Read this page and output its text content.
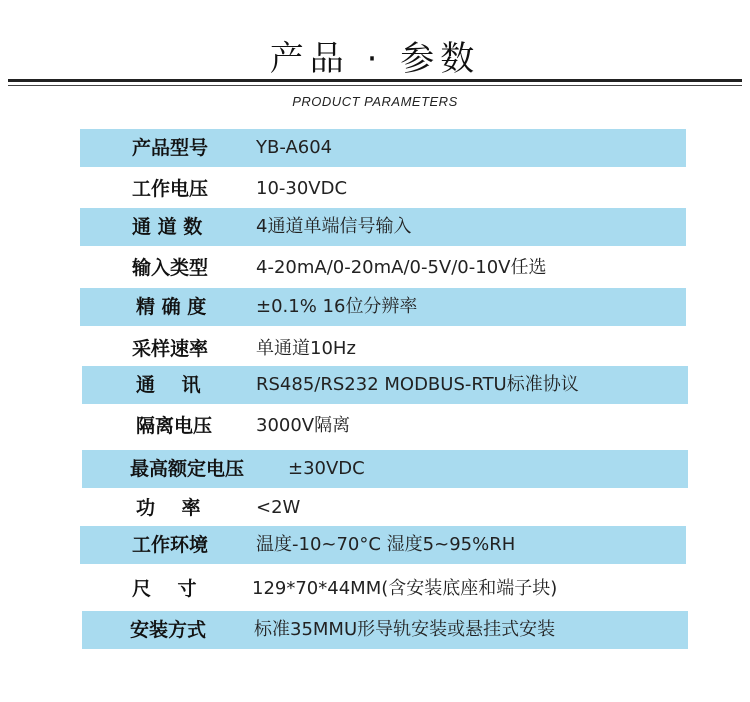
产品 · 参数
PRODUCT PARAMETERS
产品型号	YB-A604
工作电压	10-30VDC
通 道 数	4通道单端信号输入
输入类型	4-20mA/0-20mA/0-5V/0-10V任选
精 确 度	±0.1% 16位分辨率
采样速率	单通道10Hz
通    讯	RS485/RS232 MODBUS-RTU标准协议
隔离电压 3000V隔离
最高额定电压 ±30VDC
功    率	<2W
工作环境	温度-10~70°C 湿度5~95%RH
尺    寸	129*70*44MM(含安装底座和端子块)
安装方式	标准35MMU形导轨安装或悬挂式安装
